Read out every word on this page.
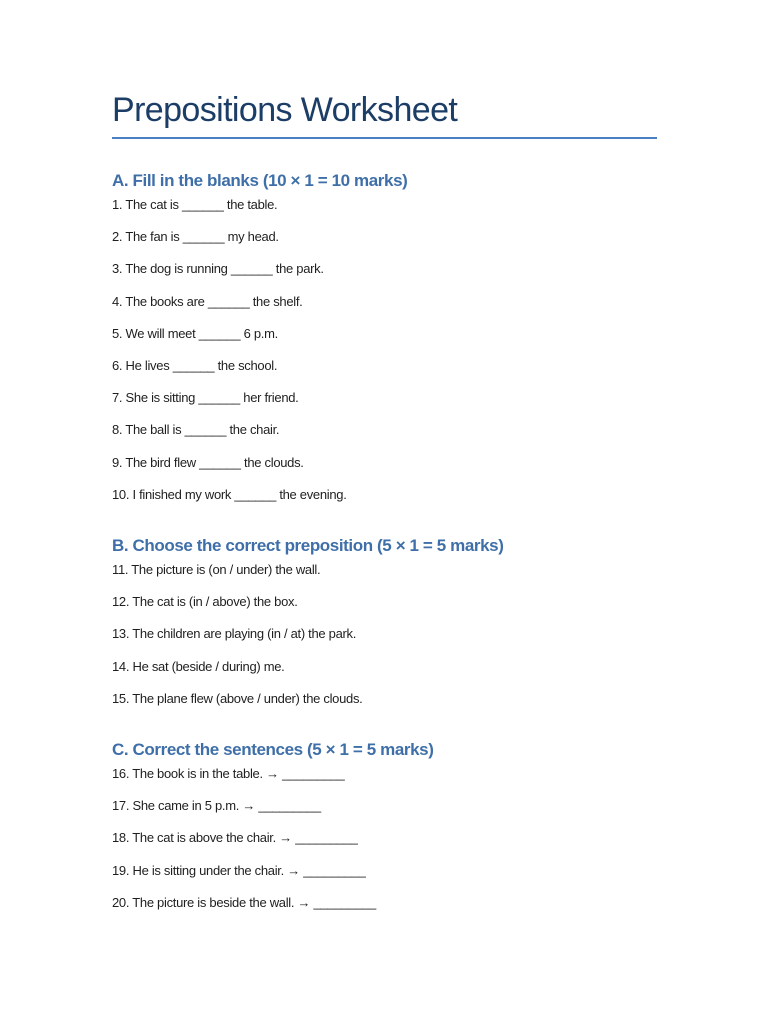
Prepositions Worksheet
A. Fill in the blanks (10 × 1 = 10 marks)
1. The cat is ______ the table.
2. The fan is ______ my head.
3. The dog is running ______ the park.
4. The books are ______ the shelf.
5. We will meet ______ 6 p.m.
6. He lives ______ the school.
7. She is sitting ______ her friend.
8. The ball is ______ the chair.
9. The bird flew ______ the clouds.
10. I finished my work ______ the evening.
B. Choose the correct preposition (5 × 1 = 5 marks)
11. The picture is (on / under) the wall.
12. The cat is (in / above) the box.
13. The children are playing (in / at) the park.
14. He sat (beside / during) me.
15. The plane flew (above / under) the clouds.
C. Correct the sentences (5 × 1 = 5 marks)
16. The book is in the table. → _________
17. She came in 5 p.m. → _________
18. The cat is above the chair. → _________
19. He is sitting under the chair. → _________
20. The picture is beside the wall. → _________
